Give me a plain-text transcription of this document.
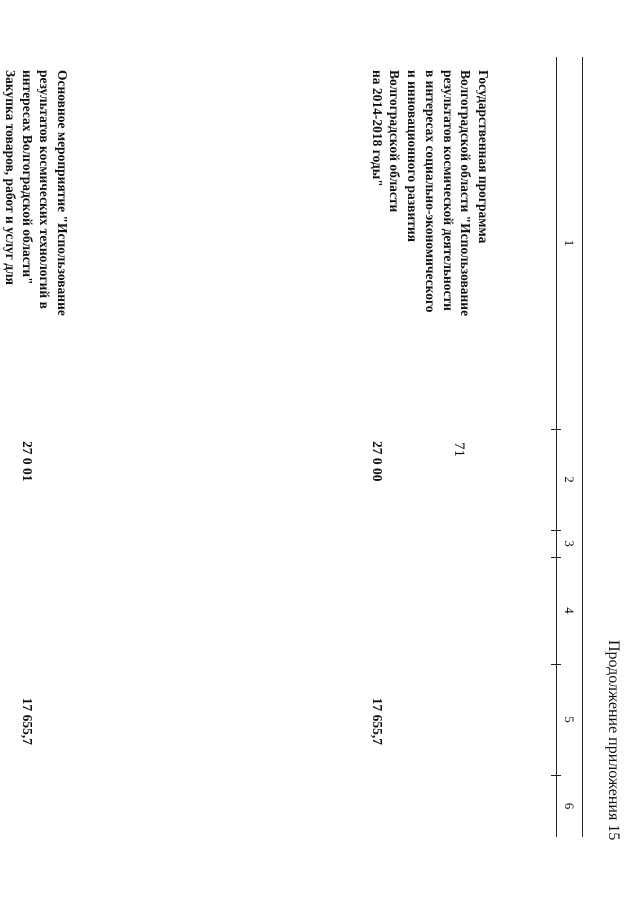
71
Продолжение приложения 15
1
2
3
4
5
6
Государственная программа
Волгоградской области "Использование
результатов космической деятельности
в интересах социально-экономического
и инновационного развития
Волгоградской области
на 2014-2018 годы"
27 0 00
17 655,7
Основное мероприятие "Использование
результатов космических технологий в
интересах Волгоградской области"
27 0 01
17 655,7
Закупка товаров, работ и услуг для
